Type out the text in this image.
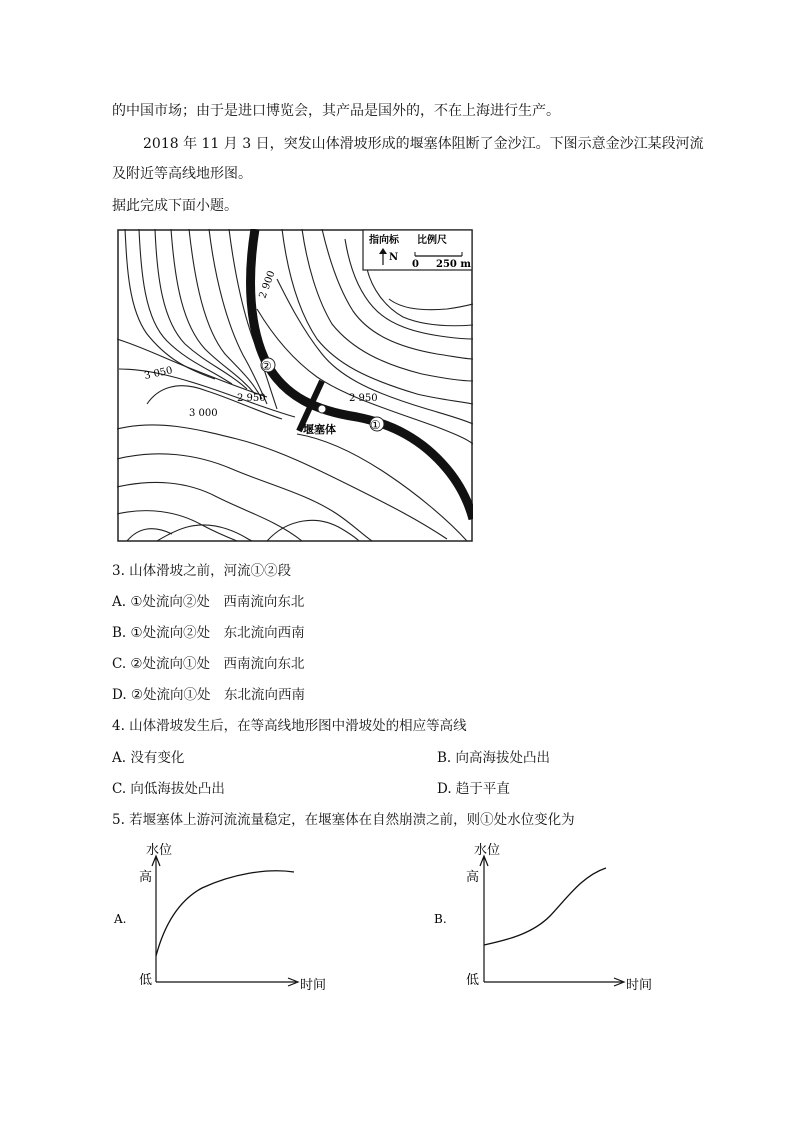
的中国市场；由于是进口博览会，其产品是国外的，不在上海进行生产。
2018 年 11 月 3 日，突发山体滑坡形成的堰塞体阻断了金沙江。下图示意金沙江某段河流
及附近等高线地形图。
据此完成下面小题。
2 900
3 050
2 950
3 000
2 950
②
①
堰塞体
指向标 比例尺
N
0 250 m
3. 山体滑坡之前，河流①②段
A. ①处流向②处　西南流向东北
B. ①处流向②处　东北流向西南
C. ②处流向①处　西南流向东北
D. ②处流向①处　东北流向西南
4. 山体滑坡发生后，在等高线地形图中滑坡处的相应等高线
A. 没有变化	B. 向高海拔处凸出
C. 向低海拔处凸出	D. 趋于平直
5. 若堰塞体上游河流流量稳定，在堰塞体在自然崩溃之前，则①处水位变化为
A.
水位
高
低	时间
B.
水位
高
低	时间
